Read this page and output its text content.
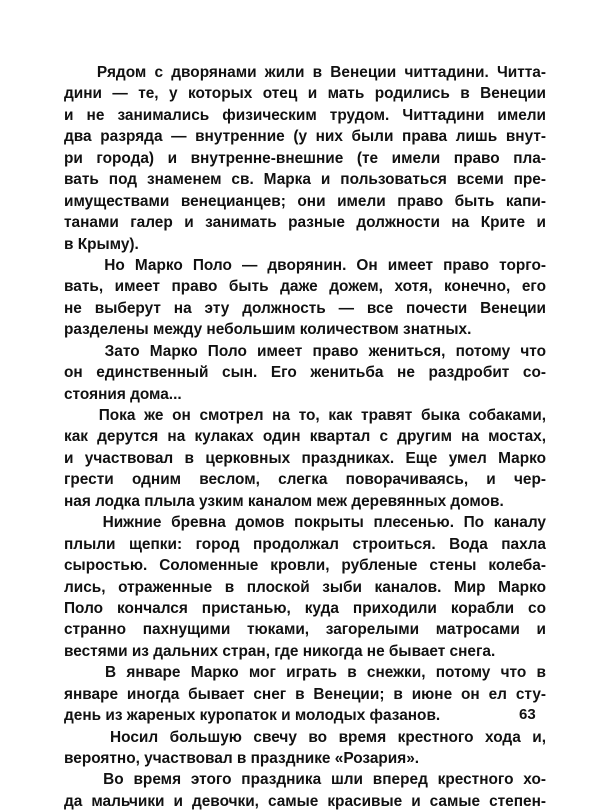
Рядом с дворянами жили в Венеции читтадини. Читта-
дини — те, у которых отец и мать родились в Венеции
и не занимались физическим трудом. Читтадини имели
два разряда — внутренние (у них были права лишь внут-
ри города) и внутренне-внешние (те имели право пла-
вать под знаменем св. Марка и пользоваться всеми пре-
имуществами венецианцев; они имели право быть капи-
танами галер и занимать разные должности на Крите и
в Крыму).
Но Марко Поло — дворянин. Он имеет право торго-
вать, имеет право быть даже дожем, хотя, конечно, его
не выберут на эту должность — все почести Венеции
разделены между небольшим количеством знатных.
Зато Марко Поло имеет право жениться, потому что
он единственный сын. Его женитьба не раздробит со-
стояния дома...
Пока же он смотрел на то, как травят быка собаками,
как дерутся на кулаках один квартал с другим на мостах,
и участвовал в церковных праздниках. Еще умел Марко
грести одним веслом, слегка поворачиваясь, и чер-
ная лодка плыла узким каналом меж деревянных домов.
Нижние бревна домов покрыты плесенью. По каналу
плыли щепки: город продолжал строиться. Вода пахла
сыростью. Соломенные кровли, рубленые стены колеба-
лись, отраженные в плоской зыби каналов. Мир Марко
Поло кончался пристанью, куда приходили корабли со
странно пахнущими тюками, загорелыми матросами и
вестями из дальних стран, где никогда не бывает снега.
В январе Марко мог играть в снежки, потому что в
январе иногда бывает снег в Венеции; в июне он ел сту-
день из жареных куропаток и молодых фазанов.
Носил большую свечу во время крестного хода и,
вероятно, участвовал в празднике «Розария».
Во время этого праздника шли вперед крестного хо-
да мальчики и девочки, самые красивые и самые степен-
63
